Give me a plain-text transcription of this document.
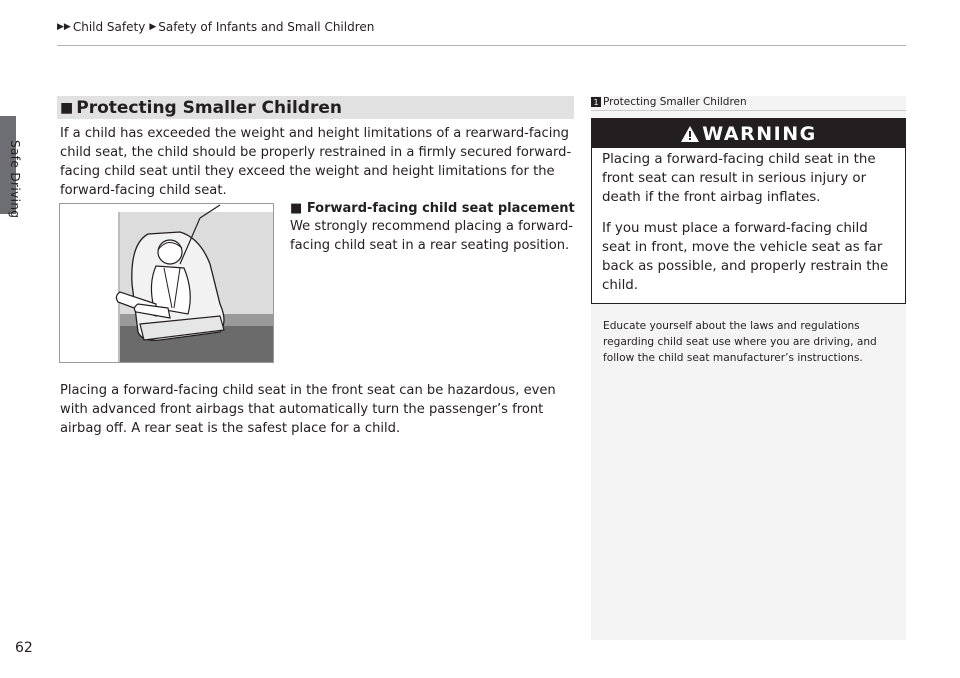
▶▶ Child Safety ▶ Safety of Infants and Small Children
Safe Driving
■ Protecting Smaller Children
If a child has exceeded the weight and height limitations of a rearward-facing child seat, the child should be properly restrained in a firmly secured forward-facing child seat until they exceed the weight and height limitations for the forward-facing child seat.
■ Forward-facing child seat placement
We strongly recommend placing a forward-facing child seat in a rear seating position.
Placing a forward-facing child seat in the front seat can be hazardous, even with advanced front airbags that automatically turn the passenger’s front airbag off. A rear seat is the safest place for a child.
1 Protecting Smaller Children
WARNING
Placing a forward-facing child seat in the front seat can result in serious injury or death if the front airbag inflates.
If you must place a forward-facing child seat in front, move the vehicle seat as far back as possible, and properly restrain the child.
Educate yourself about the laws and regulations regarding child seat use where you are driving, and follow the child seat manufacturer’s instructions.
62
